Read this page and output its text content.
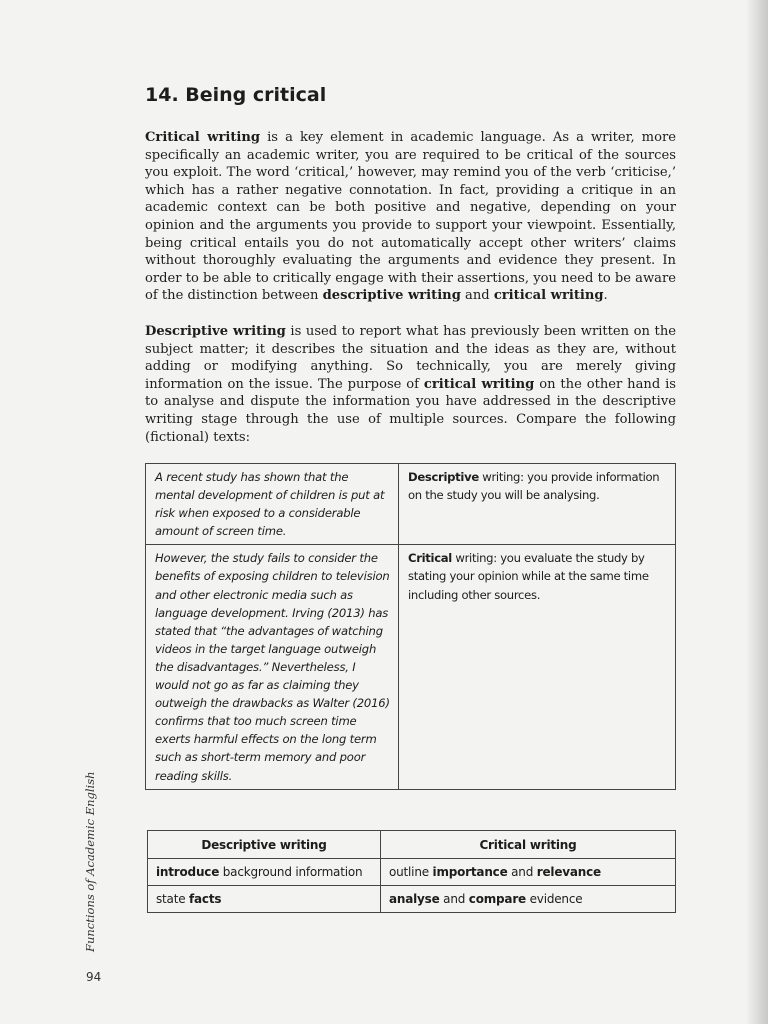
14. Being critical

Critical writing is a key element in academic language. As a writer, more specifically an academic writer, you are required to be critical of the sources you exploit. The word ‘critical,’ however, may remind you of the verb ‘criticise,’ which has a rather negative connotation. In fact, providing a critique in an academic context can be both positive and negative, depending on your opinion and the arguments you provide to support your viewpoint. Essentially, being critical entails you do not automatically accept other writers’ claims without thoroughly evaluating the arguments and evidence they present. In order to be able to critically engage with their assertions, you need to be aware of the distinction between descriptive writing and critical writing.

Descriptive writing is used to report what has previously been written on the subject matter; it describes the situation and the ideas as they are, without adding or modifying anything. So technically, you are merely giving information on the issue. The purpose of critical writing on the other hand is to analyse and dispute the information you have addressed in the descriptive writing stage through the use of multiple sources. Compare the following (fictional) texts:

A recent study has shown that the mental development of children is put at risk when exposed to a considerable amount of screen time.	Descriptive writing: you provide information on the study you will be analysing.
However, the study fails to consider the benefits of exposing children to television and other electronic media such as language development. Irving (2013) has stated that “the advantages of watching videos in the target language outweigh the disadvantages.” Nevertheless, I would not go as far as claiming they outweigh the drawbacks as Walter (2016) confirms that too much screen time exerts harmful effects on the long term such as short-term memory and poor reading skills.	Critical writing: you evaluate the study by stating your opinion while at the same time including other sources.
Descriptive writing	Critical writing
introduce background information	outline importance and relevance
state facts	analyse and compare evidence
Functions of Academic English
94
